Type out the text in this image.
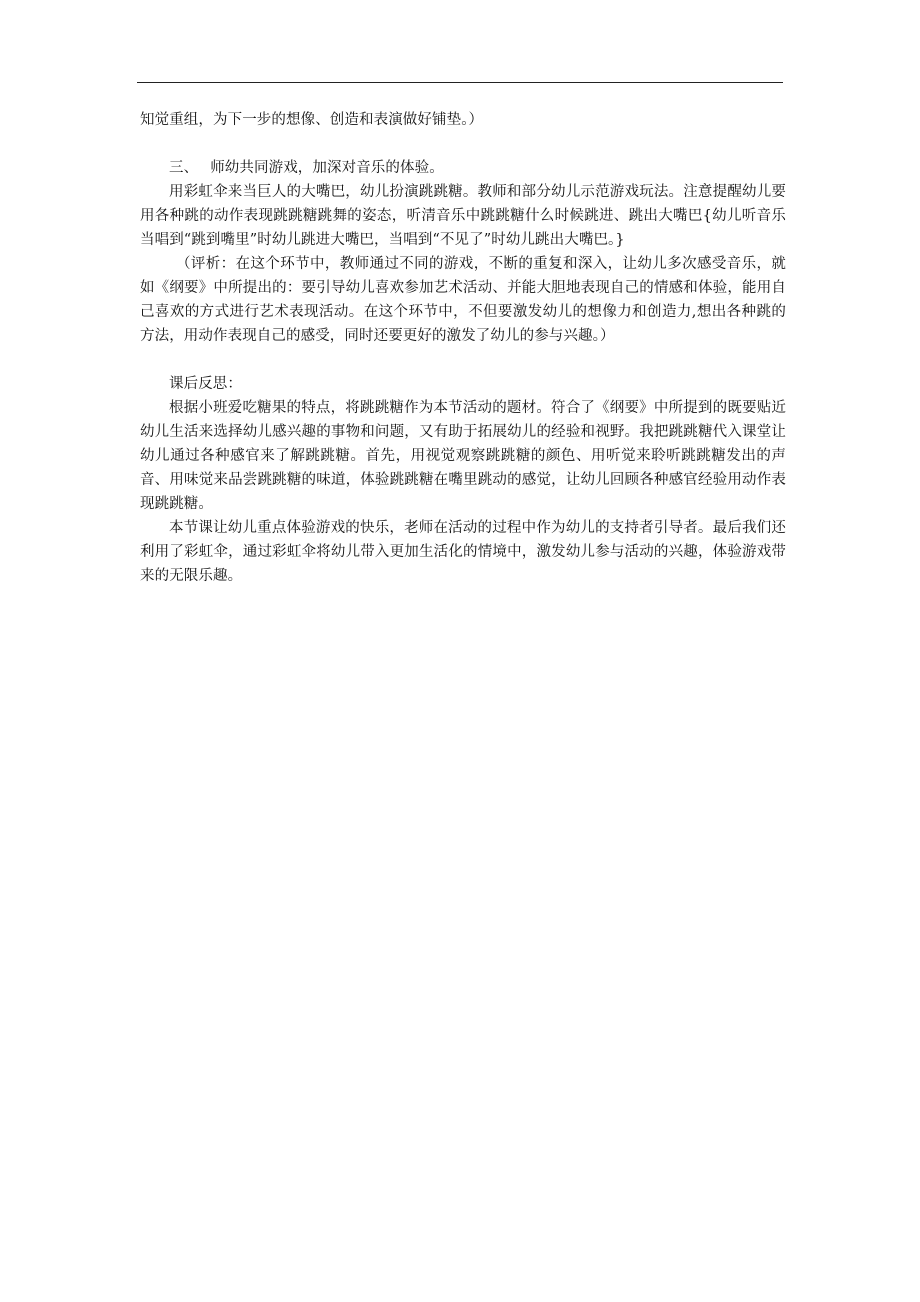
知觉重组，为下一步的想像、创造和表演做好铺垫。）

三、 师幼共同游戏，加深对音乐的体验。

用彩虹伞来当巨人的大嘴巴，幼儿扮演跳跳糖。教师和部分幼儿示范游戏玩法。注意提醒幼儿要用各种跳的动作表现跳跳糖跳舞的姿态，听清音乐中跳跳糖什么时候跳进、跳出大嘴巴{幼儿听音乐当唱到“跳到嘴里”时幼儿跳进大嘴巴，当唱到“不见了”时幼儿跳出大嘴巴。}

（评析：在这个环节中，教师通过不同的游戏，不断的重复和深入，让幼儿多次感受音乐，就如《纲要》中所提出的：要引导幼儿喜欢参加艺术活动、并能大胆地表现自己的情感和体验，能用自己喜欢的方式进行艺术表现活动。在这个环节中，不但要激发幼儿的想像力和创造力,想出各种跳的方法，用动作表现自己的感受，同时还要更好的激发了幼儿的参与兴趣。）

课后反思：

根据小班爱吃糖果的特点，将跳跳糖作为本节活动的题材。符合了《纲要》中所提到的既要贴近幼儿生活来选择幼儿感兴趣的事物和问题，又有助于拓展幼儿的经验和视野。我把跳跳糖代入课堂让幼儿通过各种感官来了解跳跳糖。首先，用视觉观察跳跳糖的颜色、用听觉来聆听跳跳糖发出的声音、用味觉来品尝跳跳糖的味道，体验跳跳糖在嘴里跳动的感觉，让幼儿回顾各种感官经验用动作表现跳跳糖。

本节课让幼儿重点体验游戏的快乐，老师在活动的过程中作为幼儿的支持者引导者。最后我们还利用了彩虹伞，通过彩虹伞将幼儿带入更加生活化的情境中，激发幼儿参与活动的兴趣，体验游戏带来的无限乐趣。
